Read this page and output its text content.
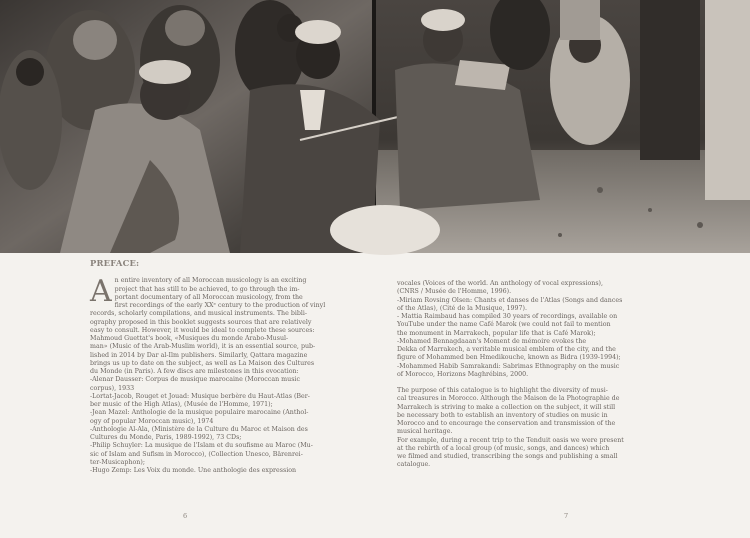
PREFACE:
A n entire inventory of all Moroccan musicology is an exciting
project that has still to be achieved, to go through the im-
portant documentary of all Moroccan musicology, from the
first recordings of the early XXᵉ century to the production of vinyl
records, scholarly compilations, and musical instruments. The bibli-
ography proposed in this booklet suggests sources that are relatively
easy to consult. However, it would be ideal to complete these sources:
Mahmoud Guettat's book, «Musiques du monde Arabo-Musul-
man» (Music of the Arab-Muslim world), it is an essential source, pub-
lished in 2014 by Dar al-Ilm publishers. Similarly, Qattara magazine
brings us up to date on the subject, as well as La Maison des Cultures
du Monde (in Paris). A few discs are milestones in this evocation:
-Alenar Dausser: Corpus de musique marocaine (Moroccan music
corpus), 1933
-Lortat-Jacob, Rouget et Jouad: Musique berbère du Haut-Atlas (Ber-
ber music of the High Atlas), (Musée de l'Homme, 1971);
-Jean Mazel: Anthologie de la musique populaire marocaine (Anthol-
ogy of popular Moroccan music), 1974
-Anthologie Al-Ala, (Ministère de la Culture du Maroc et Maison des
Cultures du Monde, Paris, 1989-1992), 73 CDs;
-Philip Schuyler: La musique de l'Islam et du soufisme au Maroc (Mu-
sic of Islam and Sufism in Morocco), (Collection Unesco, Bärenrei-
ter-Musicaphon);
-Hugo Zemp: Les Voix du monde. Une anthologie des expression
vocales (Voices of the world. An anthology of vocal expressions),
(CNRS / Musée de l'Homme, 1996).
-Miriam Rovsing Olsen: Chants et danses de l'Atlas (Songs and dances
of the Atlas), (Cité de la Musique, 1997).
- Mattia Raimbaud has compiled 30 years of recordings, available on
YouTube under the name Café Marok (we could not fail to mention
the monument in Marrakech, popular life that is Café Marok);
-Mohamed Bennagdaaan's Moment de mémoire evokes the
Dekka of Marrakech, a veritable musical emblem of the city, and the
figure of Mohammed ben Hmedikouche, known as Bidra (1939-1994);
-Mohammed Habib Samrakandi: Sabrimas Ethnography on the music
of Morocco, Horizons Maghrébins, 2000.
The purpose of this catalogue is to highlight the diversity of musi-
cal treasures in Morocco. Although the Maison de la Photographie de
Marrakech is striving to make a collection on the subject, it will still
be necessary both to establish an inventory of studies on music in
Morocco and to encourage the conservation and transmission of the
musical heritage.
For example, during a recent trip to the Tenduit oasis we were present
at the rebirth of a local group (of music, songs, and dances) which
we filmed and studied, transcribing the songs and publishing a small
catalogue.
6	7
